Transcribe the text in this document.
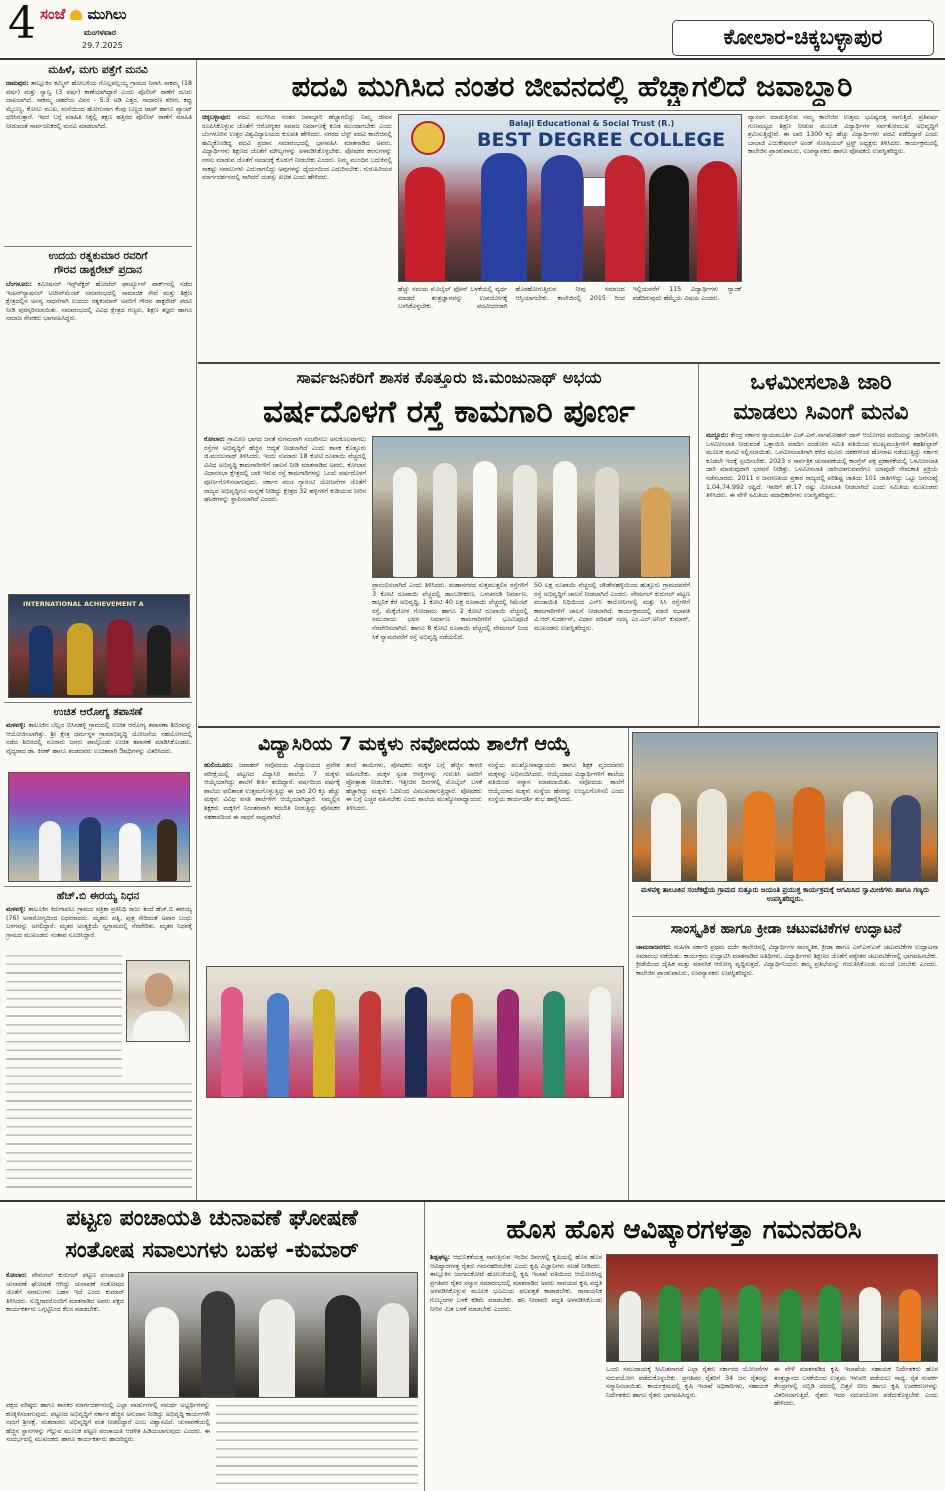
4 ಸಂಜೆ ಮುಗಿಲು
ಮಂಗಳವಾರ
29.7.2025	ಕೋಲಾರ-ಚಿಕ್ಕಬಳ್ಳಾಪುರ
ಮಹಿಳೆ, ಮಗು ಪತ್ತೆಗೆ ಮನವಿ
ರಾಮಪುರ: ತಾಲ್ಲೂಕಿನ ಕಮ್ಮಿನ್ ಹೋಬಳಿಯ ಗೊಲ್ಲಪಲ್ಲಯ್ಯ ಗ್ರಾಮದ ನಿವಾಸಿ ಸಾಕಮ್ಮ (18 ವರ್ಷ) ಮತ್ತು ಸ್ವಾನ್ವಿ (3 ವರ್ಷ) ಕಾಣೆಯಾಗಿದ್ದಾರೆ ಎಂದು ಪೊಲೀಸ್ ಠಾಣೆಗೆ ದೂರು ದಾಖಲಾಗಿದೆ. ಸಾಕಮ್ಮ ಚಹರೆಯ ವಿವರ - 5.3 ಅಡಿ ಎತ್ತರ, ಸಾಧಾರಣ ಶರೀರ, ಕಪ್ಪು ಮೈಬಣ್ಣ, ಕೋಲು ಮುಖ, ಮನೆಯಿಂದ ಹೋಗುವಾಗ ಕೆಂಪು ಬಣ್ಣದ ಟಾಪ್ ಹಾಗೂ ಪ್ಯಾಂಟ್ ಧರಿಸಿರುತ್ತಾರೆ. ಇವರ ಬಗ್ಗೆ ಮಾಹಿತಿ ಸಿಕ್ಕಲ್ಲಿ ತಕ್ಷಣ ಹತ್ತಿರದ ಪೊಲೀಸ್ ಠಾಣೆಗೆ ಮಾಹಿತಿ ನೀಡುವಂತೆ ಸಾರ್ವಜನಿಕರಲ್ಲಿ ಮನವಿ ಮಾಡಲಾಗಿದೆ.
ಉದಯ ರತ್ನಕುಮಾರ ರವರಿಗೆ
ಗೌರವ ಡಾಕ್ಟರೇಟ್ ಪ್ರದಾನ
ಬೆಂಗಳೂರು: ಕಮೀಷನರ್ ಇನ್ಸ್‌ಪೆಕ್ಟರ್ ಹೋಟೆಲ್ ಫಾರ್ಚ್ಯೂನ್ ಪಾರ್ಕ್‌ನಲ್ಲಿ ನಡೆದ ಇಂಟರ್‌ನ್ಯಾಷನಲ್ ಅಚೀವ್‌ಮೆಂಟ್ ಸಮಾರಂಭದಲ್ಲಿ ಸಾಮಾಜಿಕ ಸೇವೆ ಮತ್ತು ಶಿಕ್ಷಣ ಕ್ಷೇತ್ರದಲ್ಲಿನ ಅನನ್ಯ ಸಾಧನೆಗಾಗಿ ಉದಯ ರತ್ನಕುಮಾರ್ ಅವರಿಗೆ ಗೌರವ ಡಾಕ್ಟರೇಟ್ ಪದವಿ ನೀಡಿ ಪುರಸ್ಕರಿಸಲಾಯಿತು. ಸಮಾರಂಭದಲ್ಲಿ ವಿವಿಧ ಕ್ಷೇತ್ರದ ಗಣ್ಯರು, ಶಿಕ್ಷಣ ತಜ್ಞರು ಹಾಗೂ ಸಮಾಜ ಸೇವಕರು ಭಾಗವಹಿಸಿದ್ದರು.
INTERNATIONAL ACHIEVEMENT A
ಉಚಿತ ಆರೋಗ್ಯ ತಪಾಸಣೆ
ಮಳವಳ್ಳಿ: ತಾಲೂಕಿನ ಬೆಲ್ಲದ ಬಿಸಿನಹಳ್ಳಿ ಗ್ರಾಮದಲ್ಲಿ ಉಚಿತ ಆರೋಗ್ಯ ತಪಾಸಣಾ ಶಿಬಿರವನ್ನು ಆಯೋಜಿಸಲಾಗಿತ್ತು. ಶ್ರೀ ಕ್ಷೇತ್ರ ಧರ್ಮಸ್ಥಳ ಗ್ರಾಮಾಭಿವೃದ್ಧಿ ಯೋಜನೆಯ ಸಹಯೋಗದಲ್ಲಿ ನಡೆದ ಶಿಬಿರದಲ್ಲಿ ನೂರಾರು ಜನರು ಪಾಲ್ಗೊಂಡು ಉಚಿತ ತಪಾಸಣೆ ಮಾಡಿಸಿಕೊಂಡರು. ವೈದ್ಯರಾದ ಡಾ. ಕಿರಣ್ ಹಾಗೂ ತಂಡದವರು ಉಚಿತವಾಗಿ ಔಷಧಿಗಳನ್ನು ವಿತರಿಸಿದರು.
ಹೆಚ್.ಬಿ ಈರಯ್ಯ ನಿಧನ
ಮಳವಳ್ಳಿ: ತಾಲೂಕಿನ ಕಿರುಗಾವಲು ಗ್ರಾಮದ ಪತ್ರಿಕಾ ಪ್ರತಿನಿಧಿ ರಾಜು ತಂದೆ ಹೆಚ್.ಬಿ ಈರಯ್ಯ (76) ಅನಾರೋಗ್ಯದಿಂದ ನಿಧನರಾದರು. ಮೃತರು ಪತ್ನಿ, ಪುತ್ರ ಸೇರಿದಂತೆ ಅಪಾರ ಬಂಧು ಬಳಗವನ್ನು ಅಗಲಿದ್ದಾರೆ. ಮೃತರ ಅಂತ್ಯಕ್ರಿಯೆ ಸ್ವಗ್ರಾಮದಲ್ಲಿ ನೆರವೇರಿತು. ಮೃತರ ನಿಧನಕ್ಕೆ ಗ್ರಾಮದ ಮುಖಂಡರು ಸಂತಾಪ ಸೂಚಿಸಿದ್ದಾರೆ.
ಪದವಿ ಮುಗಿಸಿದ ನಂತರ ಜೀವನದಲ್ಲಿ ಹೆಚ್ಚಾಗಲಿದೆ ಜವಾಬ್ದಾರಿ
ಚಿಕ್ಕಬಳ್ಳಾಪುರ: ಪದವಿ ಮುಗಿಸಿದ ನಂತರ ಜವಾಬ್ದಾರಿ ಹೆಚ್ಚಾಗಲಿದ್ದು ನಿಮ್ಮ ಜೀವನ ರೂಪಿಸಿಕೊಳ್ಳುವ ಜೊತೆಗೆ ಆರೋಗ್ಯಕರ ಸಮಾಜ ನಿರ್ಮಾಣಕ್ಕೆ ಕೂಡ ಮುಂದಾಗಬೇಕು ಎಂದು ಬೆಂಗಳೂರಿನ ಉತ್ತರ ವಿಶ್ವವಿದ್ಯಾಲಯದ ಕುಲಪತಿ ಹೇಳಿದರು. ನಗರದ ಬೆಸ್ಟ್ ಪದವಿ ಕಾಲೇಜಿನಲ್ಲಿ ಹಮ್ಮಿಕೊಂಡಿದ್ದ ಪದವಿ ಪ್ರದಾನ ಸಮಾರಂಭದಲ್ಲಿ ಭಾಗವಹಿಸಿ ಮಾತನಾಡಿದ ಅವರು, ವಿದ್ಯಾರ್ಥಿಗಳು ಶಿಕ್ಷಣದ ಜೊತೆಗೆ ಮೌಲ್ಯಗಳನ್ನು ಅಳವಡಿಸಿಕೊಳ್ಳಬೇಕು. ಪೋಷಕರ ಕನಸುಗಳನ್ನು ನನಸು ಮಾಡುವ ಜೊತೆಗೆ ಸಮಾಜಕ್ಕೆ ಕೊಡುಗೆ ನೀಡಬೇಕು ಎಂದರು. ನಿಮ್ಮ ಮುಂದಿನ ಬದುಕಿನಲ್ಲಿ ಸಾಕಷ್ಟು ಸವಾಲುಗಳು ಎದುರಾಗಲಿದ್ದು ಅವುಗಳನ್ನು ಧೈರ್ಯದಿಂದ ಎದುರಿಸಬೇಕು. ಗುರುಹಿರಿಯರ ಮಾರ್ಗದರ್ಶನದಲ್ಲಿ ಸಾಗಿದರೆ ಯಶಸ್ಸು ಖಚಿತ ಎಂದು ಹೇಳಿದರು.
Balaji Educational & Social Trust (R.)
BEST DEGREE COLLEGE
ಹೆಚ್ಚು ಸಮಯ ಮೊಬೈಲ್ ಫೋನ್ ಬಳಕೆಯಲ್ಲಿ ವ್ಯರ್ಥ ಮಾಡದೆ ತಂತ್ರಜ್ಞಾನವನ್ನು ಉಪಯೋಗಕ್ಕೆ ಬಳಸಿಕೊಳ್ಳಬೇಕು. ಪದವೀಧರರಾಗಿ ಹೊರಹೋಗುತ್ತಿರುವ ನೀವು ಸಮಾಜದ ಆಸ್ತಿಯಾಗಬೇಕು. ಕಾಲೇಜಿನಲ್ಲಿ 2015 ರಿಂದ ಇಲ್ಲಿಯವರೆಗೆ 115 ವಿದ್ಯಾರ್ಥಿಗಳು ರ‍್ಯಾಂಕ್ ಪಡೆದಿರುವುದು ಹೆಮ್ಮೆಯ ವಿಷಯ ಎಂದರು.
ವ್ಯಾಸಂಗ ಮಾಡುತ್ತಿರುವ ನಮ್ಮ ಕಾಲೇಜಿನ ಉತ್ತಮ ಭವಿಷ್ಯದತ್ತ ಸಾಗುತ್ತಿದೆ. ಪ್ರತಿವರ್ಷ ಗುಣಮಟ್ಟದ ಶಿಕ್ಷಣ ನೀಡುವ ಮೂಲಕ ವಿದ್ಯಾರ್ಥಿಗಳ ಸರ್ವತೋಮುಖ ಅಭಿವೃದ್ಧಿಗೆ ಶ್ರಮಿಸುತ್ತಿದ್ದೇವೆ. ಈ ಬಾರಿ 1300 ಕ್ಕೂ ಹೆಚ್ಚು ವಿದ್ಯಾರ್ಥಿಗಳು ಪದವಿ ಪಡೆದಿದ್ದಾರೆ ಎಂದು ಬಾಲಾಜಿ ಎಜುಕೇಷನಲ್ ಅಂಡ್ ಸೋಷಿಯಲ್ ಟ್ರಸ್ಟ್ ಅಧ್ಯಕ್ಷರು ತಿಳಿಸಿದರು. ಕಾರ್ಯಕ್ರಮದಲ್ಲಿ ಕಾಲೇಜಿನ ಪ್ರಾಂಶುಪಾಲರು, ಉಪನ್ಯಾಸಕರು ಹಾಗೂ ಪೋಷಕರು ಉಪಸ್ಥಿತರಿದ್ದರು.
ಸಾರ್ವಜನಿಕರಿಗೆ ಶಾಸಕ ಕೊತ್ತೂರು ಜಿ.ಮಂಜುನಾಥ್ ಅಭಯ
ವರ್ಷದೊಳಗೆ ರಸ್ತೆ ಕಾಮಗಾರಿ ಪೂರ್ಣ
ಕೋಲಾರ: ಗ್ರಾಮೀಣ ಭಾಗದ ಜನತೆ ಸುಗಮವಾಗಿ ಸಂಚರಿಸಲು ಅನುಕೂಲವಾಗಲು ರಸ್ತೆಗಳ ಅಭಿವೃದ್ಧಿಗೆ ಹೆಚ್ಚಿನ ಆದ್ಯತೆ ನೀಡಲಾಗಿದೆ ಎಂದು ಶಾಸಕ ಕೊತ್ತೂರು ಜಿ.ಮಂಜುನಾಥ್ ತಿಳಿಸಿದರು. ಇಂದು ಸುಮಾರು 18 ಕೋಟಿ ರೂಪಾಯಿ ವೆಚ್ಚದಲ್ಲಿ ವಿವಿಧ ಅಭಿವೃದ್ಧಿ ಕಾಮಗಾರಿಗಳಿಗೆ ಚಾಲನೆ ನೀಡಿ ಮಾತನಾಡಿದ ಅವರು, ಕೋಲಾರ ವಿಧಾನಸಭಾ ಕ್ಷೇತ್ರದಲ್ಲಿ ಬಾಕಿ ಇರುವ ರಸ್ತೆ ಕಾಮಗಾರಿಗಳನ್ನು ಒಂದು ವರ್ಷದೊಳಗೆ ಪೂರ್ಣಗೊಳಿಸಲಾಗುವುದು. ಸರ್ಕಾರ ಪಂಚ ಗ್ಯಾರಂಟಿ ಯೋಜನೆಗಳ ಜೊತೆಗೆ ರಾಜ್ಯದ ಅಭಿವೃದ್ಧಿಗೂ ಮನ್ನಣೆ ನೀಡಿದ್ದು ಕ್ಷೇತ್ರದ 32 ಹಳ್ಳಿಗಳಿಗೆ ಕುಡಿಯುವ ನೀರಿನ ಘಟಕಗಳನ್ನು ಸ್ಥಾಪಿಸಲಾಗಿದೆ ಎಂದರು.
ಪ್ರಾರಂಭಿಸಲಾಗಿದೆ ಎಂದು ತಿಳಿಸಿದರು. ಮಹಾನಗರದ ಸುತ್ತಮುತ್ತಲಿನ ರಸ್ತೆಗಳಿಗೆ 3 ಕೋಟಿ ರೂಪಾಯಿ ವೆಚ್ಚದಲ್ಲಿ ಡಾಂಬರೀಕರಣ, ಒಳಚರಂಡಿ ನಿರ್ಮಾಣ, ಕಾಲ್ಪನಿಕ ಕೆರೆ ಅಭಿವೃದ್ಧಿ, 1 ಕೋಟಿ 40 ಲಕ್ಷ ರೂಪಾಯಿ ವೆಚ್ಚದಲ್ಲಿ ಸಿಮೆಂಟ್ ರಸ್ತೆ, ಮೆಕ್ಕೆಜೋಳ ಗೋದಾಮು ಹಾಗೂ 2 ಕೋಟಿ ರೂಪಾಯಿ ವೆಚ್ಚದಲ್ಲಿ ಸಮುದಾಯ ಭವನ ನಿರ್ಮಾಣ ಕಾಮಗಾರಿಗಳಿಗೆ ಭೂಮಿಪೂಜೆ ನೆರವೇರಿಸಲಾಗಿದೆ. ಹಾಗೂ 8 ಕೋಟಿ ರೂಪಾಯಿ ವೆಚ್ಚದಲ್ಲಿ ವೇಮಗಲ್ ನಿಂದ ಸಿಕೆ ನ್ಯಾಮರವರೆಗೆ ರಸ್ತೆ ಅಭಿವೃದ್ಧಿ ನಡೆಯಲಿದೆ.
50 ಲಕ್ಷ ರೂಪಾಯಿ ವೆಚ್ಚದಲ್ಲಿ ಚೌಡೇನಹಳ್ಳಿಯಿಂದ ಹುತ್ತೂರು ಗ್ರಾಮದವರೆಗೆ ರಸ್ತೆ ಅಭಿವೃದ್ಧಿಗೆ ಚಾಲನೆ ನೀಡಲಾಗಿದೆ ಎಂದರು. ವೇಮಗಲ್ ಕುರುಗಲ್ ಪಟ್ಟಣ ಪಂಚಾಯಿತಿ ನಿಧಿಯಿಂದ ಎಸ್‌ಸಿ ಕಾಲೋನಿಗಳಲ್ಲಿ ಮತ್ತು ಸಿಸಿ ರಸ್ತೆಗಳಿಗೆ ಕಾಮಗಾರಿಗಳಿಗೆ ಚಾಲನೆ ನೀಡಲಾಗಿದೆ. ಕಾರ್ಯಕ್ರಮದಲ್ಲಿ ಮಾಜಿ ಸಭಾಪತಿ ವಿ.ಆರ್.ಸುದರ್ಶನ್, ವಿಧಾನ ಪರಿಷತ್ ಸದಸ್ಯ ಎಂ.ಎಲ್.ಅನಿಲ್ ಕುಮಾರ್, ಮುಖಂಡರು ಉಪಸ್ಥಿತರಿದ್ದರು.
ಒಳಮೀಸಲಾತಿ ಜಾರಿ
ಮಾಡಲು ಸಿಎಂಗೆ ಮನವಿ
ಮದ್ದೂರು: ಕೇಂದ್ರ ಸರ್ಕಾರ ನ್ಯಾಯಮೂರ್ತಿ ಎಚ್.ಎನ್.ನಾಗಮೋಹನ್ ದಾಸ್ ಆಯೋಗದ ವರದಿಯನ್ನು ಜಾರಿಗೊಳಿಸಿ ಒಳಮೀಸಲಾತಿ ನೀಡುವಂತೆ ಒತ್ತಾಯಿಸಿ ಮಾದಿಗ ದಂಡೋರ ಸಮಿತಿ ವತಿಯಿಂದ ಮುಖ್ಯಮಂತ್ರಿಗಳಿಗೆ ತಹಶೀಲ್ದಾರ್ ಮೂಲಕ ಮನವಿ ಸಲ್ಲಿಸಲಾಯಿತು. ಒಳಮೀಸಲಾತಿಗಾಗಿ ಕಳೆದ ಮೂರು ದಶಕಗಳಿಂದ ಹೋರಾಟ ನಡೆಯುತ್ತಿದ್ದು ಸರ್ಕಾರ ಕೂಡಲೇ ಇದಕ್ಕೆ ಸ್ಪಂದಿಸಬೇಕು. 2023 ರ ಸಾರ್ವತ್ರಿಕ ಚುನಾವಣೆಯಲ್ಲಿ ಕಾಂಗ್ರೆಸ್ ಪಕ್ಷ ಪ್ರಣಾಳಿಕೆಯಲ್ಲಿ ಒಳಮೀಸಲಾತಿ ಜಾರಿ ಮಾಡುವುದಾಗಿ ಭರವಸೆ ನೀಡಿತ್ತು. ಒಳಮೀಸಲಾತಿ ಜಾರಿಯಾಗುವವರೆಗೂ ಯಾವುದೇ ನೇಮಕಾತಿ ಪ್ರಕ್ರಿಯೆ ನಡೆಸಬಾರದು. 2011 ರ ಜನಗಣತಿಯ ಪ್ರಕಾರ ರಾಜ್ಯದಲ್ಲಿ ಪರಿಶಿಷ್ಟ ಜಾತಿಯ 101 ಜಾತಿಗಳಿದ್ದು ಒಟ್ಟು ಜನಸಂಖ್ಯೆ 1,04,74,992 ರಷ್ಟಿದೆ. ಇವರಿಗೆ ಶೇ.17 ರಷ್ಟು ಮೀಸಲಾತಿ ನೀಡಲಾಗಿದೆ ಎಂದು ಸಮಿತಿಯ ಮುಖಂಡರು ತಿಳಿಸಿದರು. ಈ ವೇಳೆ ಸಮಿತಿಯ ಪದಾಧಿಕಾರಿಗಳು ಉಪಸ್ಥಿತರಿದ್ದರು.
ವಿದ್ಯಾಸಿರಿಯ 7 ಮಕ್ಕಳು ನವೋದಯ ಶಾಲೆಗೆ ಆಯ್ಕೆ
ಹುಲಿಯೂರು: ಜವಾಹರ್ ನವೋದಯ ವಿದ್ಯಾಲಯದ ಪ್ರವೇಶ ಪರೀಕ್ಷೆಯಲ್ಲಿ ಪಟ್ಟಣದ ವಿದ್ಯಾಸಿರಿ ಶಾಲೆಯ 7 ಮಕ್ಕಳು ಆಯ್ಕೆಯಾಗಿದ್ದು ಶಾಲೆಗೆ ಕೀರ್ತಿ ತಂದಿದ್ದಾರೆ. ವರ್ಷದಿಂದ ವರ್ಷಕ್ಕೆ ಶಾಲೆಯ ಫಲಿತಾಂಶ ಉತ್ತಮಗೊಳ್ಳುತ್ತಿದ್ದು ಈ ಬಾರಿ 20 ಕ್ಕೂ ಹೆಚ್ಚು ಮಕ್ಕಳು ವಿವಿಧ ವಸತಿ ಶಾಲೆಗಳಿಗೆ ಆಯ್ಕೆಯಾಗಿದ್ದಾರೆ. ನಮ್ಮಲ್ಲಿನ ಶಿಕ್ಷಕರು ಮಕ್ಕಳಿಗೆ ನಿರಂತರವಾಗಿ ತರಬೇತಿ ನೀಡುತ್ತಿದ್ದು ಪೋಷಕರ ಸಹಕಾರದಿಂದ ಈ ಸಾಧನೆ ಸಾಧ್ಯವಾಗಿದೆ.
ತಂದೆ ತಾಯಿಗಳು, ಪೋಷಕರು ಮಕ್ಕಳ ಬಗ್ಗೆ ಹೆಚ್ಚಿನ ಕಾಳಜಿ ವಹಿಸಬೇಕು. ಮಕ್ಕಳ ಸ್ವಂತ ಆಸಕ್ತಿಗಳನ್ನು ಗುರುತಿಸಿ ಅವರಿಗೆ ಪ್ರೋತ್ಸಾಹ ನೀಡಬೇಕು. ಇತ್ತೀಚಿನ ದಿನಗಳಲ್ಲಿ ಮೊಬೈಲ್ ಬಳಕೆ ಹೆಚ್ಚಾಗಿದ್ದು ಮಕ್ಕಳು ಓದಿನಿಂದ ವಿಮುಖರಾಗುತ್ತಿದ್ದಾರೆ. ಪೋಷಕರು ಈ ಬಗ್ಗೆ ಎಚ್ಚರ ವಹಿಸಬೇಕು ಎಂದು ಶಾಲೆಯ ಮುಖ್ಯೋಪಾಧ್ಯಾಯರು ತಿಳಿಸಿದರು.
ಸಂಸ್ಥೆಯ ಮುಖ್ಯೋಪಾಧ್ಯಾಯರು ಹಾಗೂ ಶಿಕ್ಷಕ ವೃಂದದವರು ಮಕ್ಕಳನ್ನು ಅಭಿನಂದಿಸಿದರು. ಆಯ್ಕೆಯಾದ ವಿದ್ಯಾರ್ಥಿಗಳಿಗೆ ಶಾಲೆಯ ವತಿಯಿಂದ ಸನ್ಮಾನ ಮಾಡಲಾಯಿತು. ನವೋದಯ ಶಾಲೆಗೆ ಆಯ್ಕೆಯಾದ ಮಕ್ಕಳು ಸಂಸ್ಥೆಯ ಹೆಸರನ್ನು ಉಜ್ವಲಗೊಳಿಸಲಿ ಎಂದು ಸಂಸ್ಥೆಯ ಕಾರ್ಯದರ್ಶಿ ಶುಭ ಹಾರೈಸಿದರು.
ಮಳವಳ್ಳಿ ತಾಲೂಕಿನ ಸಂಜೆಕಟ್ಟೆಯ ಗ್ರಾಮದ ಸುತ್ತೂರು ಜಯಂತಿ ಪ್ರಯುಕ್ತ ಕಾರ್ಯಕ್ರಮಕ್ಕೆ ಆಗಮಿಸಿದ ಸ್ವಾಮೀಜಿಗಳು ಹಾಗೂ ಗಣ್ಯರು ಉಪಸ್ಥಿತರಿದ್ದರು.
ಸಾಂಸ್ಕೃತಿಕ ಹಾಗೂ ಕ್ರೀಡಾ ಚಟುವಟಿಕೆಗಳ ಉದ್ಘಾಟನೆ
ಚಾಮರಾಜನಗರ: ಮಹಿಳಾ ಸರ್ಕಾರಿ ಪ್ರಥಮ ದರ್ಜೆ ಕಾಲೇಜಿನಲ್ಲಿ ವಿದ್ಯಾರ್ಥಿಗಳ ಸಾಂಸ್ಕೃತಿಕ, ಕ್ರೀಡಾ ಹಾಗೂ ಎನ್‌ಎಸ್‌ಎಸ್ ಚಟುವಟಿಕೆಗಳ ಉದ್ಘಾಟನಾ ಸಮಾರಂಭ ನಡೆಯಿತು. ಕಾರ್ಯಕ್ರಮ ಉದ್ಘಾಟಿಸಿ ಮಾತನಾಡಿದ ಅತಿಥಿಗಳು, ವಿದ್ಯಾರ್ಥಿಗಳು ಶಿಕ್ಷಣದ ಜೊತೆಗೆ ಪಠ್ಯೇತರ ಚಟುವಟಿಕೆಗಳಲ್ಲಿ ಭಾಗವಹಿಸಬೇಕು. ಕ್ರೀಡೆಯಿಂದ ದೈಹಿಕ ಮತ್ತು ಮಾನಸಿಕ ಆರೋಗ್ಯ ವೃದ್ಧಿಸುತ್ತದೆ. ವಿದ್ಯಾರ್ಥಿನಿಯರು ತಮ್ಮ ಪ್ರತಿಭೆಯನ್ನು ಗುರುತಿಸಿಕೊಂಡು ಮುಂದೆ ಬರಬೇಕು ಎಂದರು. ಕಾಲೇಜಿನ ಪ್ರಾಂಶುಪಾಲರು, ಉಪನ್ಯಾಸಕರು ಉಪಸ್ಥಿತರಿದ್ದರು.
ಪಟ್ಟಣ ಪಂಚಾಯತಿ ಚುನಾವಣೆ ಘೋಷಣೆ
ಸಂತೋಷ ಸವಾಲುಗಳು ಬಹಳ -ಕುಮಾರ್
ಕೋಲಾರ: ವೇಮಗಲ್ ಕುರುಗಲ್ ಪಟ್ಟಣ ಪಂಚಾಯತಿ ಚುನಾವಣೆ ಘೋಷಣೆ ಆಗಿದ್ದು ಚುನಾವಣೆ ಸಂತೋಷದ ಜೊತೆಗೆ ಸವಾಲುಗಳು ಬಹಳ ಇದೆ ಎಂದು ಕುಮಾರ್ ತಿಳಿಸಿದರು. ಸುದ್ದಿಗಾರರೊಂದಿಗೆ ಮಾತನಾಡಿದ ಅವರು ಪಕ್ಷದ ಕಾರ್ಯಕರ್ತರು ಒಗ್ಗಟ್ಟಿನಿಂದ ಕೆಲಸ ಮಾಡಬೇಕು.
ಪಕ್ಷದ ವರಿಷ್ಠರು ಹಾಗೂ ಶಾಸಕರ ಮಾರ್ಗದರ್ಶನದಲ್ಲಿ ಎಲ್ಲಾ ವಾರ್ಡುಗಳಲ್ಲಿ ಸಮರ್ಥ ಅಭ್ಯರ್ಥಿಗಳನ್ನು ಕಣಕ್ಕಿಳಿಸಲಾಗುವುದು. ಪಟ್ಟಣದ ಅಭಿವೃದ್ಧಿಗೆ ಸರ್ಕಾರ ಹೆಚ್ಚಿನ ಅನುದಾನ ನೀಡಿದ್ದು ಅಭಿವೃದ್ಧಿ ಕಾರ್ಯಗಳೇ ನಮಗೆ ಶ್ರೀರಕ್ಷೆ. ಮತದಾರರು ಅಭಿವೃದ್ಧಿಗೆ ಮತ ನೀಡಲಿದ್ದಾರೆ ಎಂಬ ವಿಶ್ವಾಸವಿದೆ. ಚುನಾವಣೆಯಲ್ಲಿ ಹೆಚ್ಚಿನ ಸ್ಥಾನಗಳನ್ನು ಗೆಲ್ಲುವ ಮೂಲಕ ಪಟ್ಟಣ ಪಂಚಾಯತಿ ಆಡಳಿತ ಹಿಡಿಯಲಾಗುವುದು ಎಂದರು. ಈ ಸಂದರ್ಭದಲ್ಲಿ ಮುಖಂಡರು ಹಾಗೂ ಕಾರ್ಯಕರ್ತರು ಹಾಜರಿದ್ದರು.
ಹೊಸ ಹೊಸ ಆವಿಷ್ಕಾರಗಳತ್ತಾ ಗಮನಹರಿಸಿ
ಶಿಡ್ಲಘಟ್ಟ: ಆಧುನಿಕತೆಯತ್ತ ಸಾಗುತ್ತಿರುವ ಇಂದಿನ ದಿನಗಳಲ್ಲಿ ಕೃಷಿಯಲ್ಲಿ ಹೊಸ ಹೊಸ ಆವಿಷ್ಕಾರಗಳತ್ತ ರೈತರು ಗಮನಹರಿಸಬೇಕು ಎಂದು ಕೃಷಿ ವಿಜ್ಞಾನಿಗಳು ಸಲಹೆ ನೀಡಿದರು. ತಾಲ್ಲೂಕಿನ ಜಂಗಮಕೋಟೆ ಹೋಬಳಿಯಲ್ಲಿ ಕೃಷಿ ಇಲಾಖೆ ವತಿಯಿಂದ ಆಯೋಜಿಸಿದ್ದ ಪ್ರಗತಿಪರ ರೈತರ ಸನ್ಮಾನ ಸಮಾರಂಭದಲ್ಲಿ ಮಾತನಾಡಿದ ಅವರು ಸಾವಯವ ಕೃಷಿ ಪದ್ಧತಿ ಅಳವಡಿಸಿಕೊಳ್ಳುವ ಮೂಲಕ ಭೂಮಿಯ ಫಲವತ್ತತೆ ಕಾಪಾಡಬೇಕು. ರಾಸಾಯನಿಕ ಗೊಬ್ಬರಗಳ ಬಳಕೆ ಕಡಿಮೆ ಮಾಡಬೇಕು. ಹನಿ ನೀರಾವರಿ ಪದ್ಧತಿ ಅಳವಡಿಸಿಕೊಂಡು ನೀರಿನ ಮಿತ ಬಳಕೆ ಮಾಡಬೇಕು ಎಂದರು.
ಒಂದು ಸಮುದಾಯಕ್ಕೆ ಸೀಮಿತವಾಗದೆ ಎಲ್ಲಾ ರೈತರು ಸರ್ಕಾರದ ಯೋಜನೆಗಳ ಸದುಪಯೋಗ ಪಡೆದುಕೊಳ್ಳಬೇಕು. ಪ್ರಗತಿಪರ ರೈತರಿಗೆ 34 ಜನ ರೈತರನ್ನು ಸನ್ಮಾನಿಸಲಾಯಿತು. ಕಾರ್ಯಕ್ರಮದಲ್ಲಿ ಕೃಷಿ ಇಲಾಖೆ ಅಧಿಕಾರಿಗಳು, ಸಹಾಯಕ ನಿರ್ದೇಶಕರು ಹಾಗೂ ರೈತರು ಭಾಗವಹಿಸಿದ್ದರು.
ಈ ವೇಳೆ ಮಾತನಾಡಿದ ಕೃಷಿ ಇಲಾಖೆಯ ಸಹಾಯಕ ನಿರ್ದೇಶಕರು ಹೊಸ ತಂತ್ರಜ್ಞಾನದ ಬಳಕೆಯಿಂದ ಉತ್ತಮ ಇಳುವರಿ ಪಡೆಯಲು ಸಾಧ್ಯ. ರೈತ ಸಂಪರ್ಕ ಕೇಂದ್ರಗಳಲ್ಲಿ ಸಬ್ಸಿಡಿ ದರದಲ್ಲಿ ಬಿತ್ತನೆ ಬೀಜ ಹಾಗೂ ಕೃಷಿ ಉಪಕರಣಗಳನ್ನು ವಿತರಿಸಲಾಗುತ್ತಿದೆ. ರೈತರು ಇದರ ಸದುಪಯೋಗ ಪಡೆದುಕೊಳ್ಳಬೇಕು ಎಂದು ಹೇಳಿದರು.
